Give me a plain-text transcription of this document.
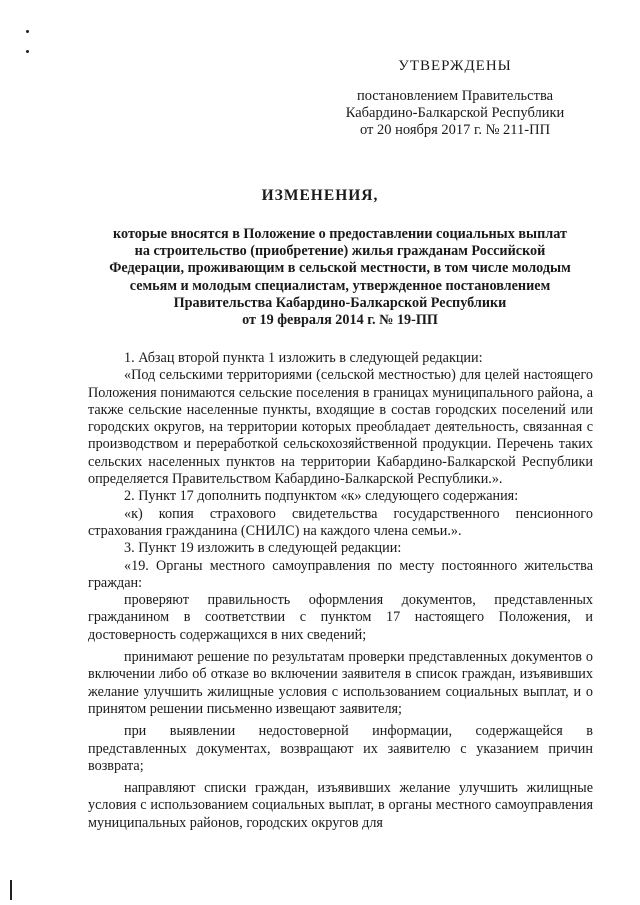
УТВЕРЖДЕНЫ
постановлением Правительства
Кабардино-Балкарской Республики
от 20 ноября 2017 г. № 211-ПП
ИЗМЕНЕНИЯ,
которые вносятся в Положение о предоставлении социальных выплат
на строительство (приобретение) жилья гражданам Российской
Федерации, проживающим в сельской местности, в том числе молодым
семьям и молодым специалистам, утвержденное постановлением
Правительства Кабардино-Балкарской Республики
от 19 февраля 2014 г. № 19-ПП

1. Абзац второй пункта 1 изложить в следующей редакции:

«Под сельскими территориями (сельской местностью) для целей настоящего Положения понимаются сельские поселения в границах муниципального района, а также сельские населенные пункты, входящие в состав городских поселений или городских округов, на территории которых преобладает деятельность, связанная с производством и переработкой сельскохозяйственной продукции. Перечень таких сельских населенных пунктов на территории Кабардино-Балкарской Республики определяется Правительством Кабардино-Балкарской Республики.».

2. Пункт 17 дополнить подпунктом «к» следующего содержания:

«к) копия страхового свидетельства государственного пенсионного страхования гражданина (СНИЛС) на каждого члена семьи.».

3. Пункт 19 изложить в следующей редакции:

«19. Органы местного самоуправления по месту постоянного жительства граждан:

проверяют правильность оформления документов, представленных гражданином в соответствии с пунктом 17 настоящего Положения, и достоверность содержащихся в них сведений;

принимают решение по результатам проверки представленных документов о включении либо об отказе во включении заявителя в список граждан, изъявивших желание улучшить жилищные условия с использованием социальных выплат, и о принятом решении письменно извещают заявителя;

при выявлении недостоверной информации, содержащейся в представленных документах, возвращают их заявителю с указанием причин возврата;

направляют списки граждан, изъявивших желание улучшить жилищные условия с использованием социальных выплат, в органы местного самоуправления муниципальных районов, городских округов для
